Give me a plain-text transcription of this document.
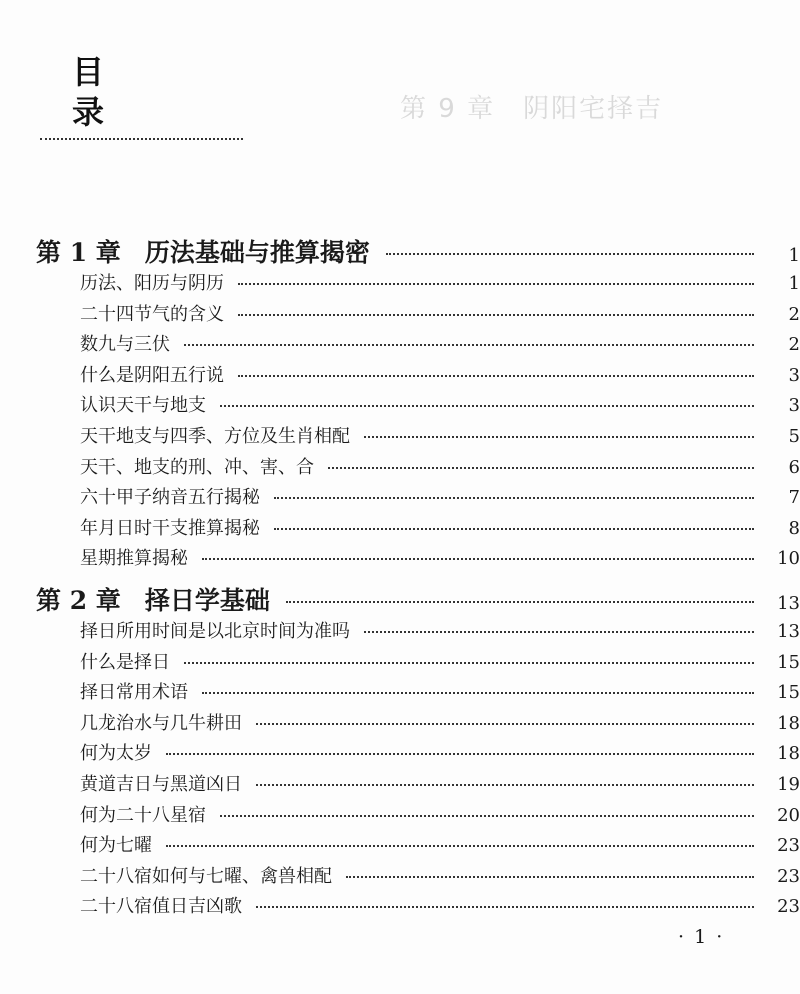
第 9 章　阴阳宅择吉
目　录
第 1 章 历法基础与推算揭密	1
历法、阳历与阴历	1
二十四节气的含义	2
数九与三伏	2
什么是阴阳五行说	3
认识天干与地支	3
天干地支与四季、方位及生肖相配	5
天干、地支的刑、冲、害、合	6
六十甲子纳音五行揭秘	7
年月日时干支推算揭秘	8
星期推算揭秘	10
第 2 章 择日学基础	13
择日所用时间是以北京时间为准吗	13
什么是择日	15
择日常用术语	15
几龙治水与几牛耕田	18
何为太岁	18
黄道吉日与黑道凶日	19
何为二十八星宿	20
何为七曜	23
二十八宿如何与七曜、禽兽相配	23
二十八宿值日吉凶歌	23
· 1 ·
